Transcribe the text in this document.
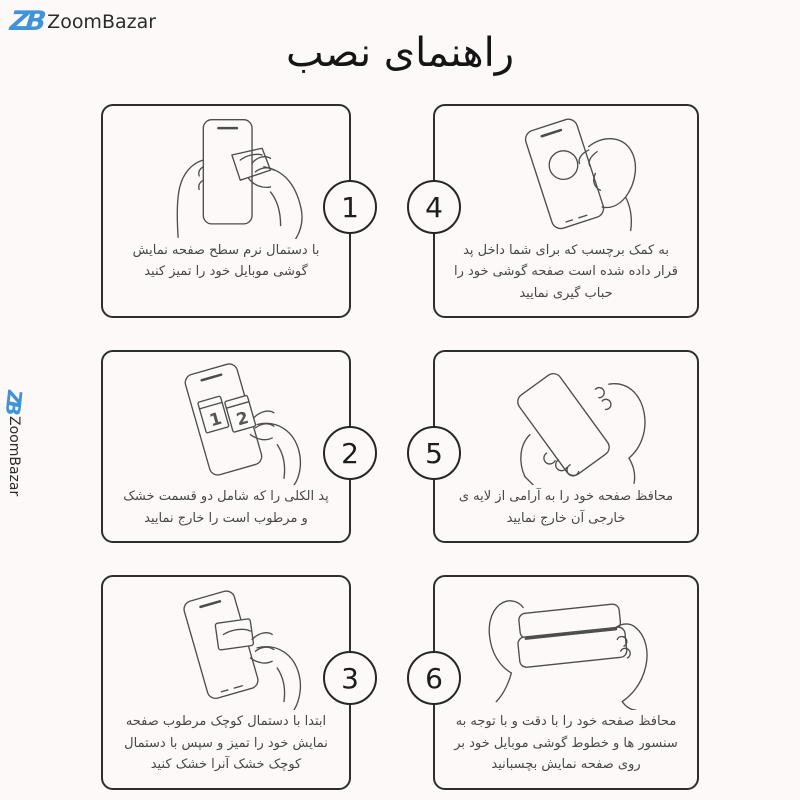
ZB ZoomBazar
ZB
ZoomBazar
راهنمای نصب
1
با دستمال نرم سطح صفحه نمایش گوشی موبایل خود را تمیز کنید
4
به کمک برچسب که برای شما داخل پد قرار داده شده است صفحه گوشی خود را حباب گیری نمایید
2
1 2
پد الکلی را که شامل دو قسمت خشک و مرطوب است را خارج نمایید
5
محافظ صفحه خود را به آرامی از لایه ی خارجی آن خارج نمایید
3
ابتدا با دستمال کوچک مرطوب صفحه نمایش خود را تمیز و سپس با دستمال کوچک خشک آنرا خشک کنید
6
محافظ صفحه خود را با دقت و با توجه به سنسور ها و خطوط گوشی موبایل خود بر روی صفحه نمایش بچسبانید
